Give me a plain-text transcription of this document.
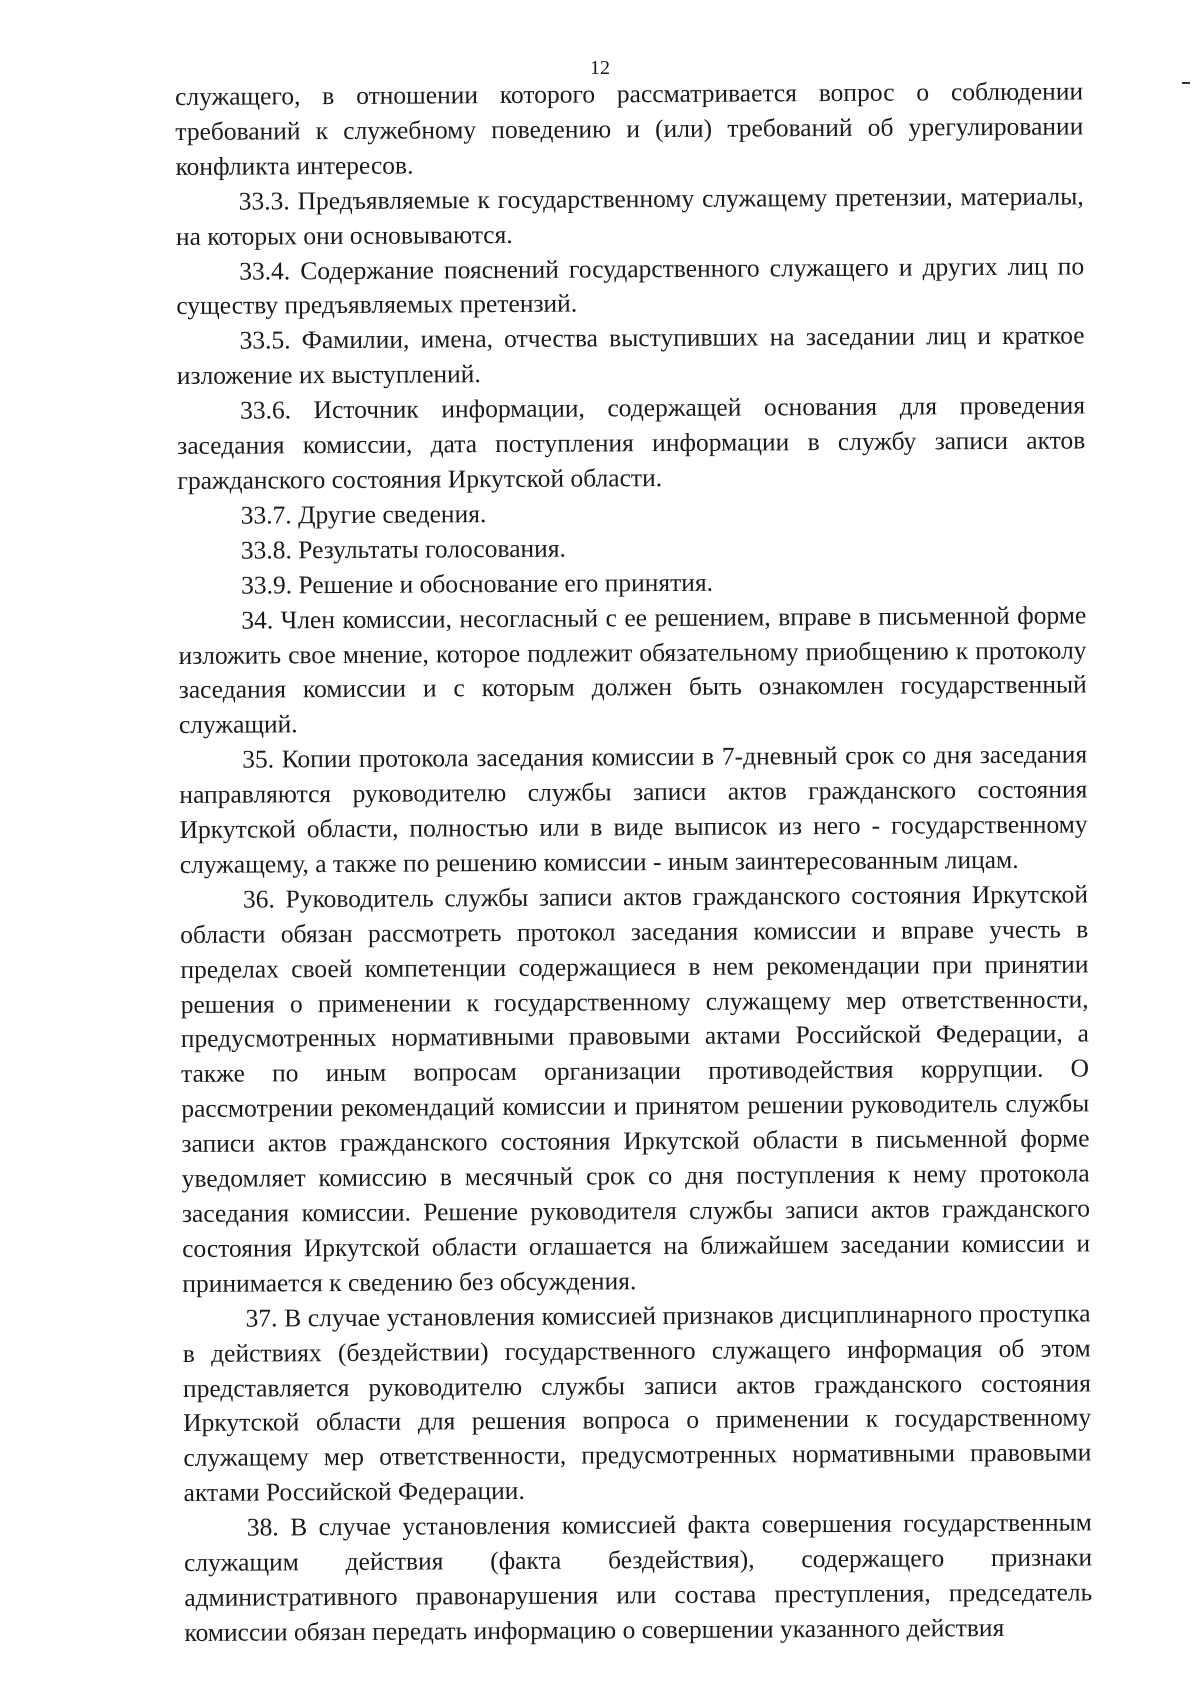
12

служащего, в отношении которого рассматривается вопрос о соблюдении требований к служебному поведению и (или) требований об урегулировании конфликта интересов.

33.3. Предъявляемые к государственному служащему претензии, материалы, на которых они основываются.

33.4. Содержание пояснений государственного служащего и других лиц по существу предъявляемых претензий.

33.5. Фамилии, имена, отчества выступивших на заседании лиц и краткое изложение их выступлений.

33.6. Источник информации, содержащей основания для проведения заседания комиссии, дата поступления информации в службу записи актов гражданского состояния Иркутской области.

33.7. Другие сведения.

33.8. Результаты голосования.

33.9. Решение и обоснование его принятия.

34. Член комиссии, несогласный с ее решением, вправе в письменной форме изложить свое мнение, которое подлежит обязательному приобщению к протоколу заседания комиссии и с которым должен быть ознакомлен государственный служащий.

35. Копии протокола заседания комиссии в 7-дневный срок со дня заседания направляются руководителю службы записи актов гражданского состояния Иркутской области, полностью или в виде выписок из него - государственному служащему, а также по решению комиссии - иным заинтересованным лицам.

36. Руководитель службы записи актов гражданского состояния Иркутской области обязан рассмотреть протокол заседания комиссии и вправе учесть в пределах своей компетенции содержащиеся в нем рекомендации при принятии решения о применении к государственному служащему мер ответственности, предусмотренных нормативными правовыми актами Российской Федерации, а также по иным вопросам организации противодействия коррупции. О рассмотрении рекомендаций комиссии и принятом решении руководитель службы записи актов гражданского состояния Иркутской области в письменной форме уведомляет комиссию в месячный срок со дня поступления к нему протокола заседания комиссии. Решение руководителя службы записи актов гражданского состояния Иркутской области оглашается на ближайшем заседании комиссии и принимается к сведению без обсуждения.

37. В случае установления комиссией признаков дисциплинарного проступка в действиях (бездействии) государственного служащего информация об этом представляется руководителю службы записи актов гражданского состояния Иркутской области для решения вопроса о применении к государственному служащему мер ответственности, предусмотренных нормативными правовыми актами Российской Федерации.

38. В случае установления комиссией факта совершения государственным служащим действия (факта бездействия), содержащего признаки административного правонарушения или состава преступления, председатель комиссии обязан передать информацию о совершении указанного действия
